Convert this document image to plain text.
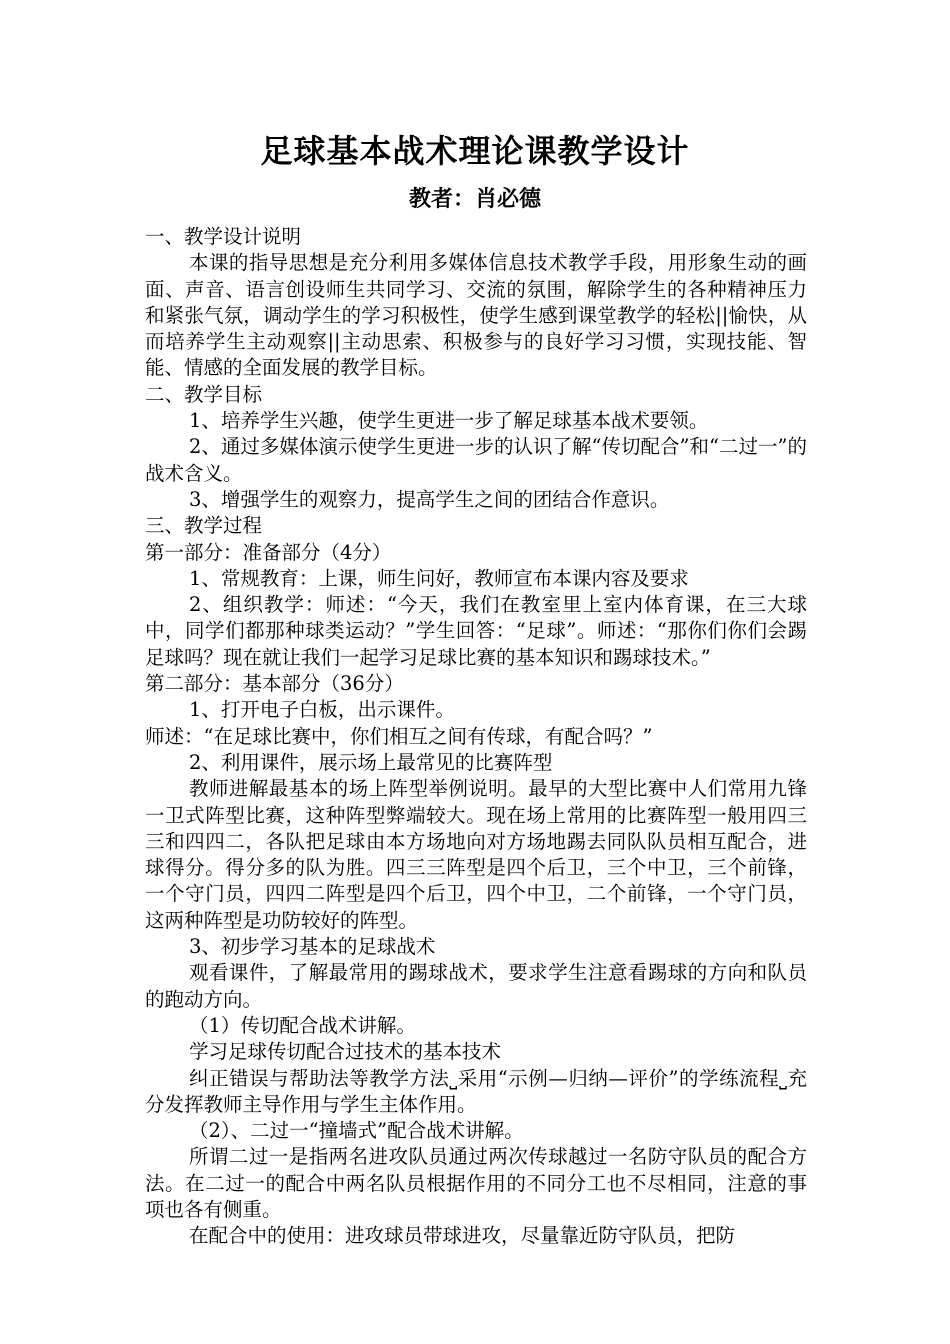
足球基本战术理论课教学设计
教者：肖必德

一、教学设计说明

本课的指导思想是充分利用多媒体信息技术教学手段，用形象生动的画面、声音、语言创设师生共同学习、交流的氛围，解除学生的各种精神压力和紧张气氛，调动学生的学习积极性，使学生感到课堂教学的轻松||愉快，从而培养学生主动观察||主动思索、积极参与的良好学习习惯，实现技能、智能、情感的全面发展的教学目标。

二、教学目标

1、培养学生兴趣，使学生更进一步了解足球基本战术要领。

2、通过多媒体演示使学生更进一步的认识了解“传切配合”和“二过一”的战术含义。

3、增强学生的观察力，提高学生之间的团结合作意识。

三、教学过程

第一部分：准备部分（4分）

1、常规教育：上课，师生问好，教师宣布本课内容及要求

2、组织教学：师述：“今天，我们在教室里上室内体育课，在三大球中，同学们都那种球类运动？”学生回答：“足球”。师述：“那你们你们会踢足球吗？现在就让我们一起学习足球比赛的基本知识和踢球技术。”

第二部分：基本部分（36分）

1、打开电子白板，出示课件。

师述：“在足球比赛中，你们相互之间有传球，有配合吗？”

2、利用课件，展示场上最常见的比赛阵型

教师进解最基本的场上阵型举例说明。最早的大型比赛中人们常用九锋一卫式阵型比赛，这种阵型弊端较大。现在场上常用的比赛阵型一般用四三三和四四二，各队把足球由本方场地向对方场地踢去同队队员相互配合，进球得分。得分多的队为胜。四三三阵型是四个后卫，三个中卫，三个前锋，一个守门员，四四二阵型是四个后卫，四个中卫，二个前锋，一个守门员，这两种阵型是功防较好的阵型。

3、初步学习基本的足球战术

观看课件，了解最常用的踢球战术，要求学生注意看踢球的方向和队员的跑动方向。

（1）传切配合战术讲解。

学习足球传切配合过技术的基本技术

纠正错误与帮助法等教学方法⎵采用“示例—归纳—评价”的学练流程⎵充分发挥教师主导作用与学生主体作用。

（2）、二过一“撞墙式”配合战术讲解。

所谓二过一是指两名进攻队员通过两次传球越过一名防守队员的配合方法。在二过一的配合中两名队员根据作用的不同分工也不尽相同，注意的事项也各有侧重。

在配合中的使用：进攻球员带球进攻，尽量靠近防守队员，把防
